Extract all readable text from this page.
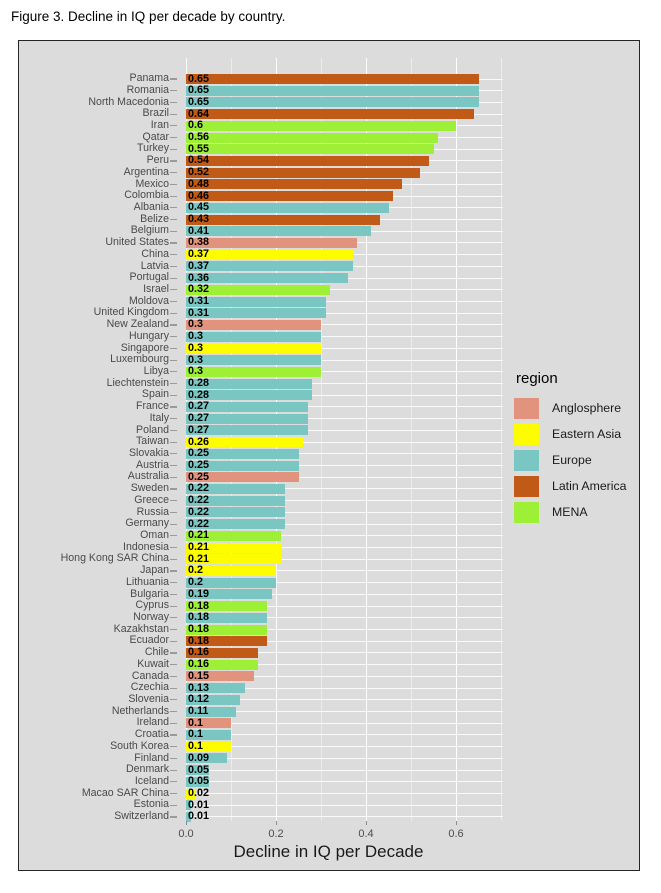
Figure 3. Decline in IQ per decade by country.
Panama 0.65
Romania 0.65
North Macedonia 0.65
Brazil 0.64
Iran 0.6
Qatar 0.56
Turkey 0.55
Peru 0.54
Argentina 0.52
Mexico 0.48
Colombia 0.46
Albania 0.45
Belize 0.43
Belgium 0.41
United States 0.38
China 0.37
Latvia 0.37
Portugal 0.36
Israel 0.32
Moldova 0.31
United Kingdom 0.31
New Zealand 0.3
Hungary 0.3
Singapore 0.3
Luxembourg 0.3
Libya 0.3
Liechtenstein 0.28
Spain 0.28
France 0.27
Italy 0.27
Poland 0.27
Taiwan 0.26
Slovakia 0.25
Austria 0.25
Australia 0.25
Sweden 0.22
Greece 0.22
Russia 0.22
Germany 0.22
Oman 0.21
Indonesia 0.21
Hong Kong SAR China 0.21
Japan 0.2
Lithuania 0.2
Bulgaria 0.19
Cyprus 0.18
Norway 0.18
Kazakhstan 0.18
Ecuador 0.18
Chile 0.16
Kuwait 0.16
Canada 0.15
Czechia 0.13
Slovenia 0.12
Netherlands 0.11
Ireland 0.1
Croatia 0.1
South Korea 0.1
Finland 0.09
Denmark 0.05
Iceland 0.05
Macao SAR China 0.02
Estonia 0.01
Switzerland 0.01
0.0	0.2	0.4	0.6
Decline in IQ per Decade
region
Anglosphere
Eastern Asia
Europe
Latin America
MENA
